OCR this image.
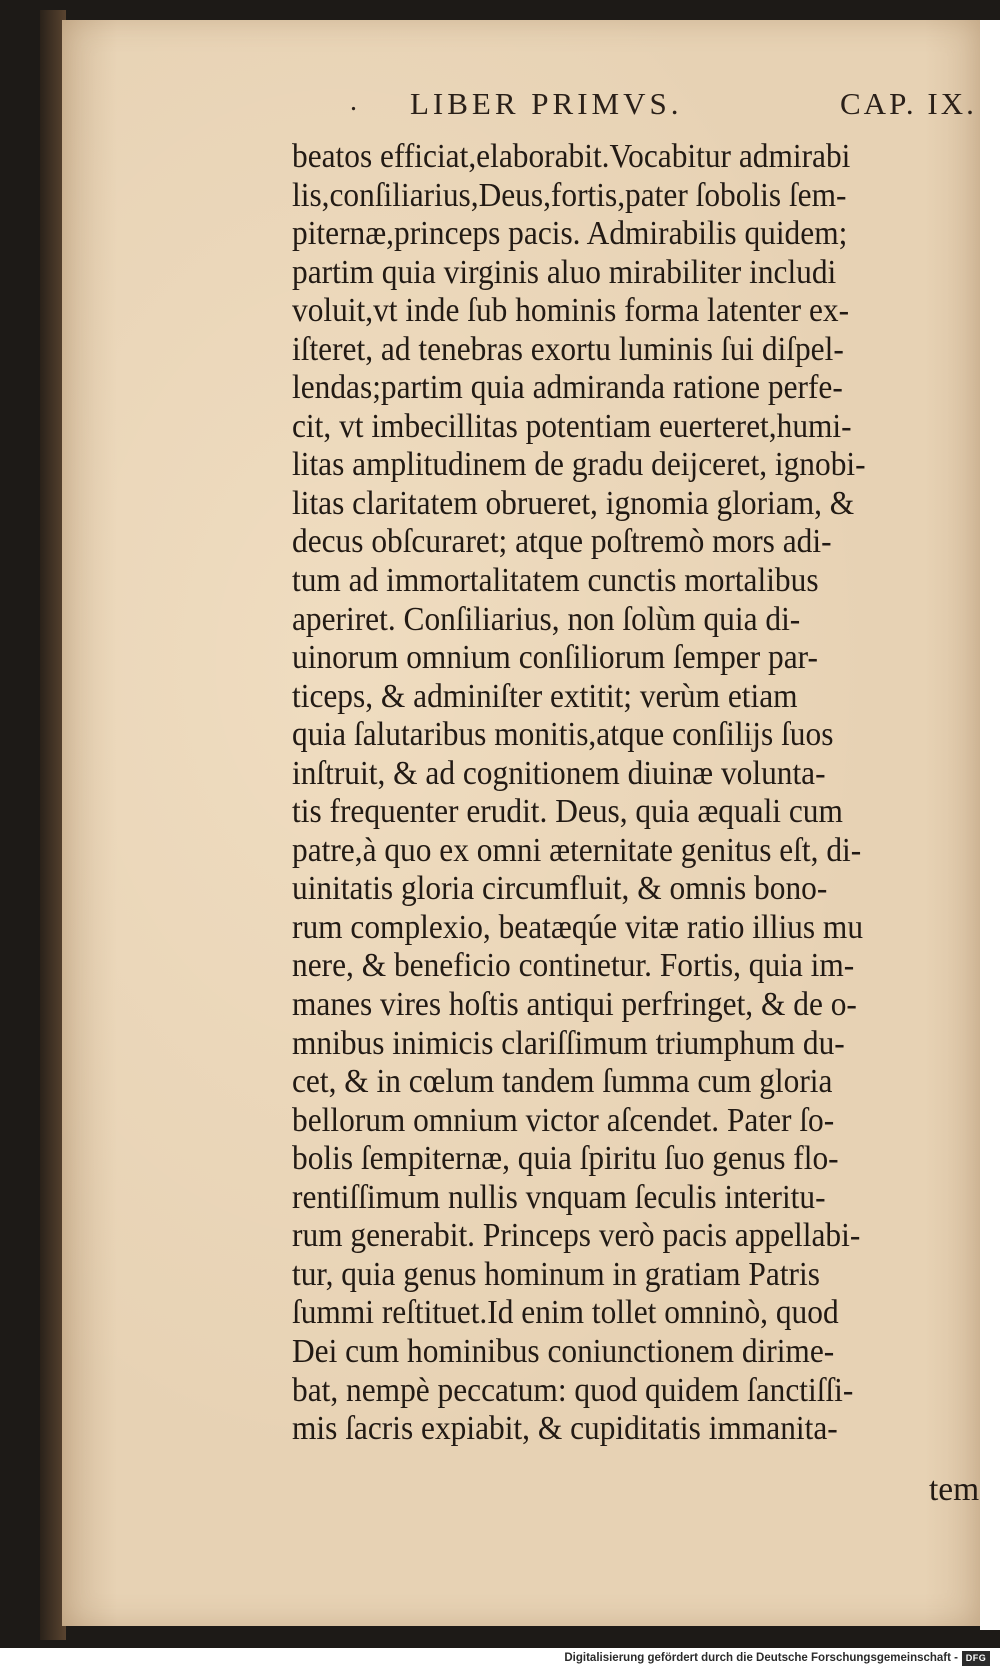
. LIBER PRIMVS.	CAP. IX.
beatos efficiat,elaborabit.Vocabitur admirabi
lis,conſiliarius,Deus,fortis,pater ſobolis ſem-
piternæ,princeps pacis. Admirabilis quidem;
partim quia virginis aluo mirabiliter includi
voluit,vt inde ſub hominis forma latenter ex-
iſteret, ad tenebras exortu luminis ſui diſpel-
lendas;partim quia admiranda ratione perfe-
cit, vt imbecillitas potentiam euerteret,humi-
litas amplitudinem de gradu deijceret, ignobi-
litas claritatem obrueret, ignomia gloriam, &
decus obſcuraret; atque poſtremò mors adi-
tum ad immortalitatem cunctis mortalibus
aperiret. Conſiliarius, non ſolùm quia di-
uinorum omnium conſiliorum ſemper par-
ticeps, & adminiſter extitit; verùm etiam
quia ſalutaribus monitis,atque conſilijs ſuos
inſtruit, & ad cognitionem diuinæ volunta-
tis frequenter erudit. Deus, quia æquali cum
patre,à quo ex omni æternitate genitus eſt, di-
uinitatis gloria circumfluit, & omnis bono-
rum complexio, beatæqúe vitæ ratio illius mu
nere, & beneficio continetur. Fortis, quia im-
manes vires hoſtis antiqui perfringet, & de o-
mnibus inimicis clariſſimum triumphum du-
cet, & in cœlum tandem ſumma cum gloria
bellorum omnium victor aſcendet. Pater ſo-
bolis ſempiternæ, quia ſpiritu ſuo genus flo-
rentiſſimum nullis vnquam ſeculis interitu-
rum generabit. Princeps verò pacis appellabi-
tur, quia genus hominum in gratiam Patris
ſummi reſtituet.Id enim tollet omninò, quod
Dei cum hominibus coniunctionem dirime-
bat, nempè peccatum: quod quidem ſanctiſſi-
mis ſacris expiabit, & cupiditatis immanita-
tem
Digitalisierung gefördert durch die Deutsche Forschungsgemeinschaft - DFG
